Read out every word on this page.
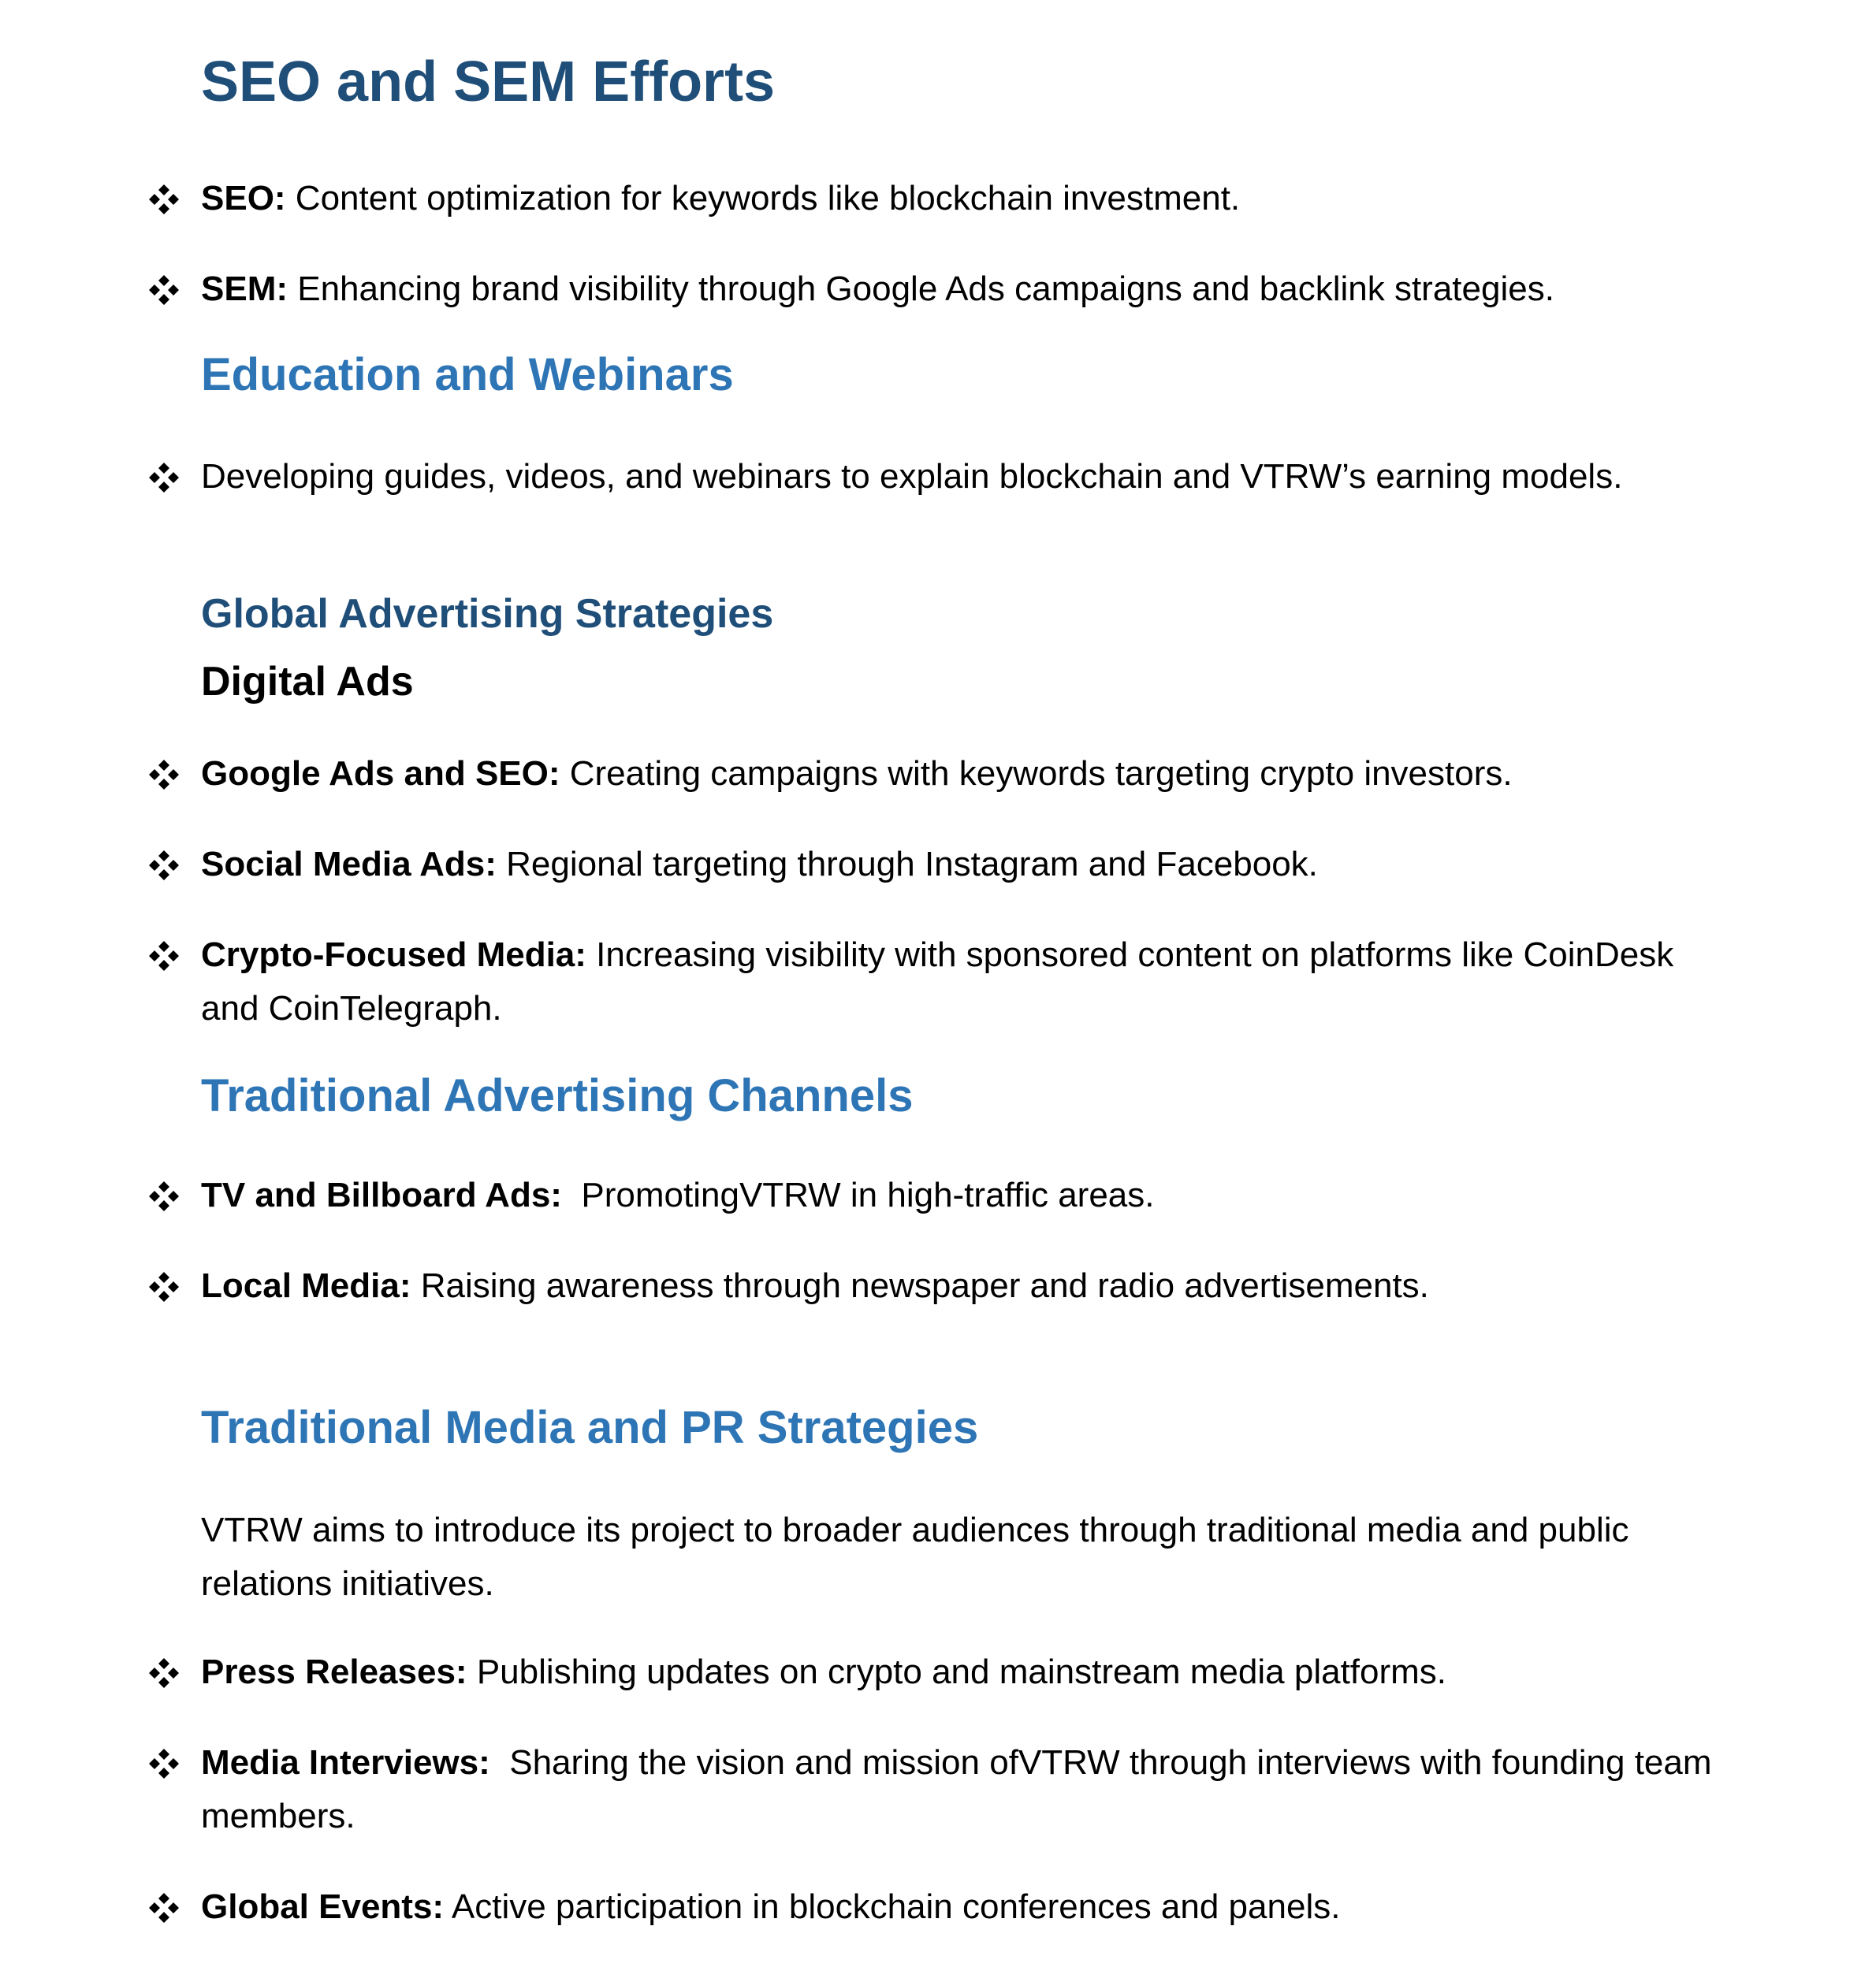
SEO and SEM Efforts
SEO: Content optimization for keywords like blockchain investment.
SEM: Enhancing brand visibility through Google Ads campaigns and backlink strategies.
Education and Webinars
Developing guides, videos, and webinars to explain blockchain and VTRW’s earning models.
Global Advertising Strategies
Digital Ads
Google Ads and SEO: Creating campaigns with keywords targeting crypto investors.
Social Media Ads: Regional targeting through Instagram and Facebook.
Crypto-Focused Media: Increasing visibility with sponsored content on platforms like CoinDesk
and CoinTelegraph.
Traditional Advertising Channels
TV and Billboard Ads:  PromotingVTRW in high-traffic areas.
Local Media: Raising awareness through newspaper and radio advertisements.
Traditional Media and PR Strategies
VTRW aims to introduce its project to broader audiences through traditional media and public
relations initiatives.
Press Releases: Publishing updates on crypto and mainstream media platforms.
Media Interviews:  Sharing the vision and mission ofVTRW through interviews with founding team
members.
Global Events: Active participation in blockchain conferences and panels.
